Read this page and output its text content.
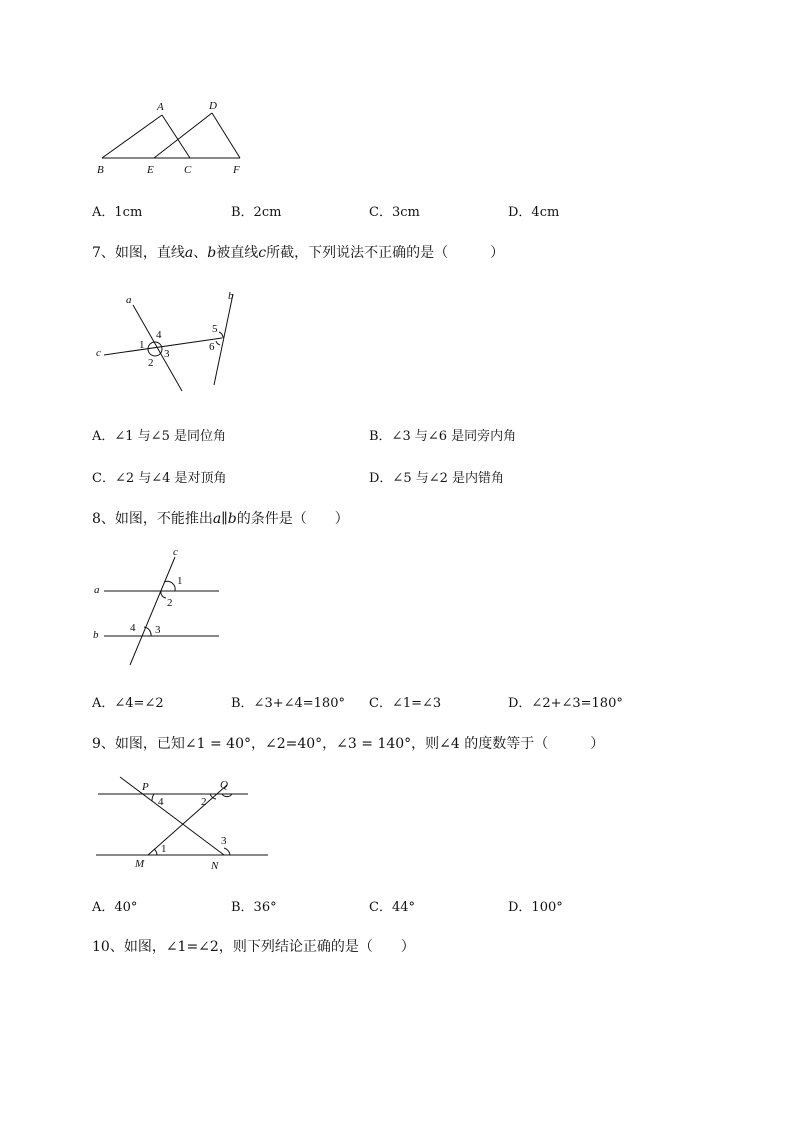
A	D
B	E	C	F
A．1cm	B．2cm	C．3cm	D．4cm
7、如图，直线a、b被直线c所截，下列说法不正确的是（　　　）
a	b
c
4
1
3
2
5
6
A．∠1 与∠5 是同位角	B．∠3 与∠6 是同旁内角
C．∠2 与∠4 是对顶角	D．∠5 与∠2 是内错角
8、如图，不能推出a∥b的条件是（　　）
c
a
b
1
2
4 3
A．∠4=∠2	B．∠3+∠4=180° C．∠1=∠3	D．∠2+∠3=180°
9、如图，已知∠1 = 40°，∠2=40°，∠3 = 140°，则∠4 的度数等于（　　　）
P	Q
4	2
3
1
M	N
A．40°	B．36°	C．44°	D．100°
10、如图，∠1=∠2，则下列结论正确的是（　　）
